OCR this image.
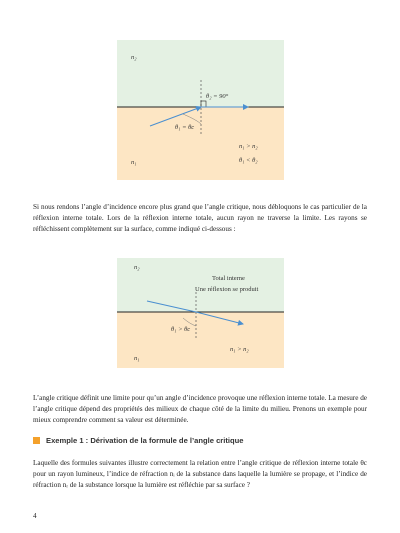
n₂
n₁
θ₂ = 90°
θ₁ = θc
n₁ > n₂
θ₁ < θ₂

Si nous rendons l’angle d’incidence encore plus grand que l’angle critique, nous débloquons le cas particulier de la réflexion interne totale. Lors de la réflexion interne totale, aucun rayon ne traverse la limite. Les rayons se réfléchissent complètement sur la surface, comme indiqué ci-dessous :

n₂
n₁
Total interne
Une réflexion se produit
θ₁ > θc
n₁ > n₂

L’angle critique définit une limite pour qu’un angle d’incidence provoque une réflexion interne totale. La mesure de l’angle critique dépend des propriétés des milieux de chaque côté de la limite du milieu. Prenons un exemple pour mieux comprendre comment sa valeur est déterminée.

Exemple 1 : Dérivation de la formule de l’angle critique

Laquelle des formules suivantes illustre correctement la relation entre l’angle critique de réflexion interne totale θc pour un rayon lumineux, l’indice de réfraction nᵢ de la substance dans laquelle la lumière se propage, et l’indice de réfraction nᵣ de la substance lorsque la lumière est réfléchie par sa surface ?

4
